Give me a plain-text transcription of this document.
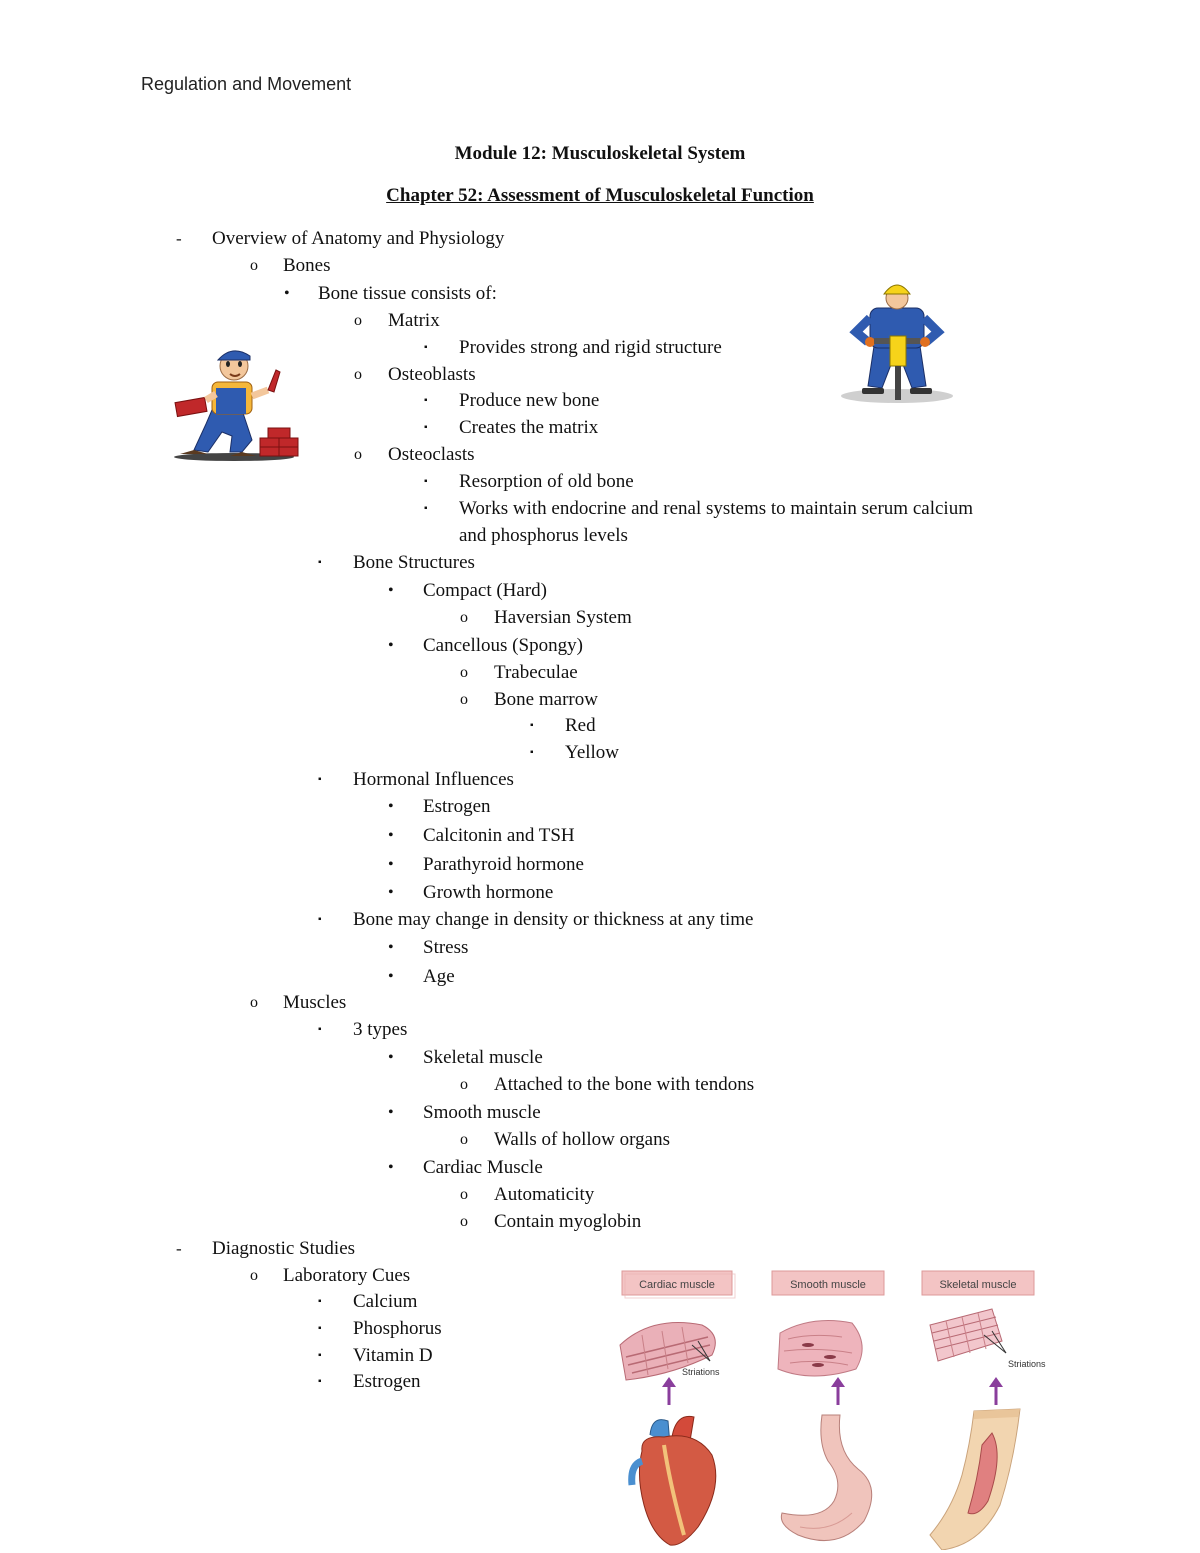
Regulation and Movement
Module 12: Musculoskeletal System
Chapter 52: Assessment of Musculoskeletal Function
- Overview of Anatomy and Physiology
o Bones
• Bone tissue consists of:
o Matrix
▪ Provides strong and rigid structure
o Osteoblasts
▪ Produce new bone
▪ Creates the matrix
o Osteoclasts
▪ Resorption of old bone
▪ Works with endocrine and renal systems to maintain serum calcium
and phosphorus levels
▪ Bone Structures
• Compact (Hard)
o Haversian System
• Cancellous (Spongy)
o Trabeculae
o Bone marrow
▪ Red
▪ Yellow
▪ Hormonal Influences
• Estrogen
• Calcitonin and TSH
• Parathyroid hormone
• Growth hormone
▪ Bone may change in density or thickness at any time
• Stress
• Age
o Muscles
▪ 3 types
• Skeletal muscle
o Attached to the bone with tendons
• Smooth muscle
o Walls of hollow organs
• Cardiac Muscle
o Automaticity
o Contain myoglobin
- Diagnostic Studies
o Laboratory Cues
▪ Calcium
▪ Phosphorus
▪ Vitamin D
▪ Estrogen
Cardiac muscle	Smooth muscle	Skeletal muscle
Striations
Striations
